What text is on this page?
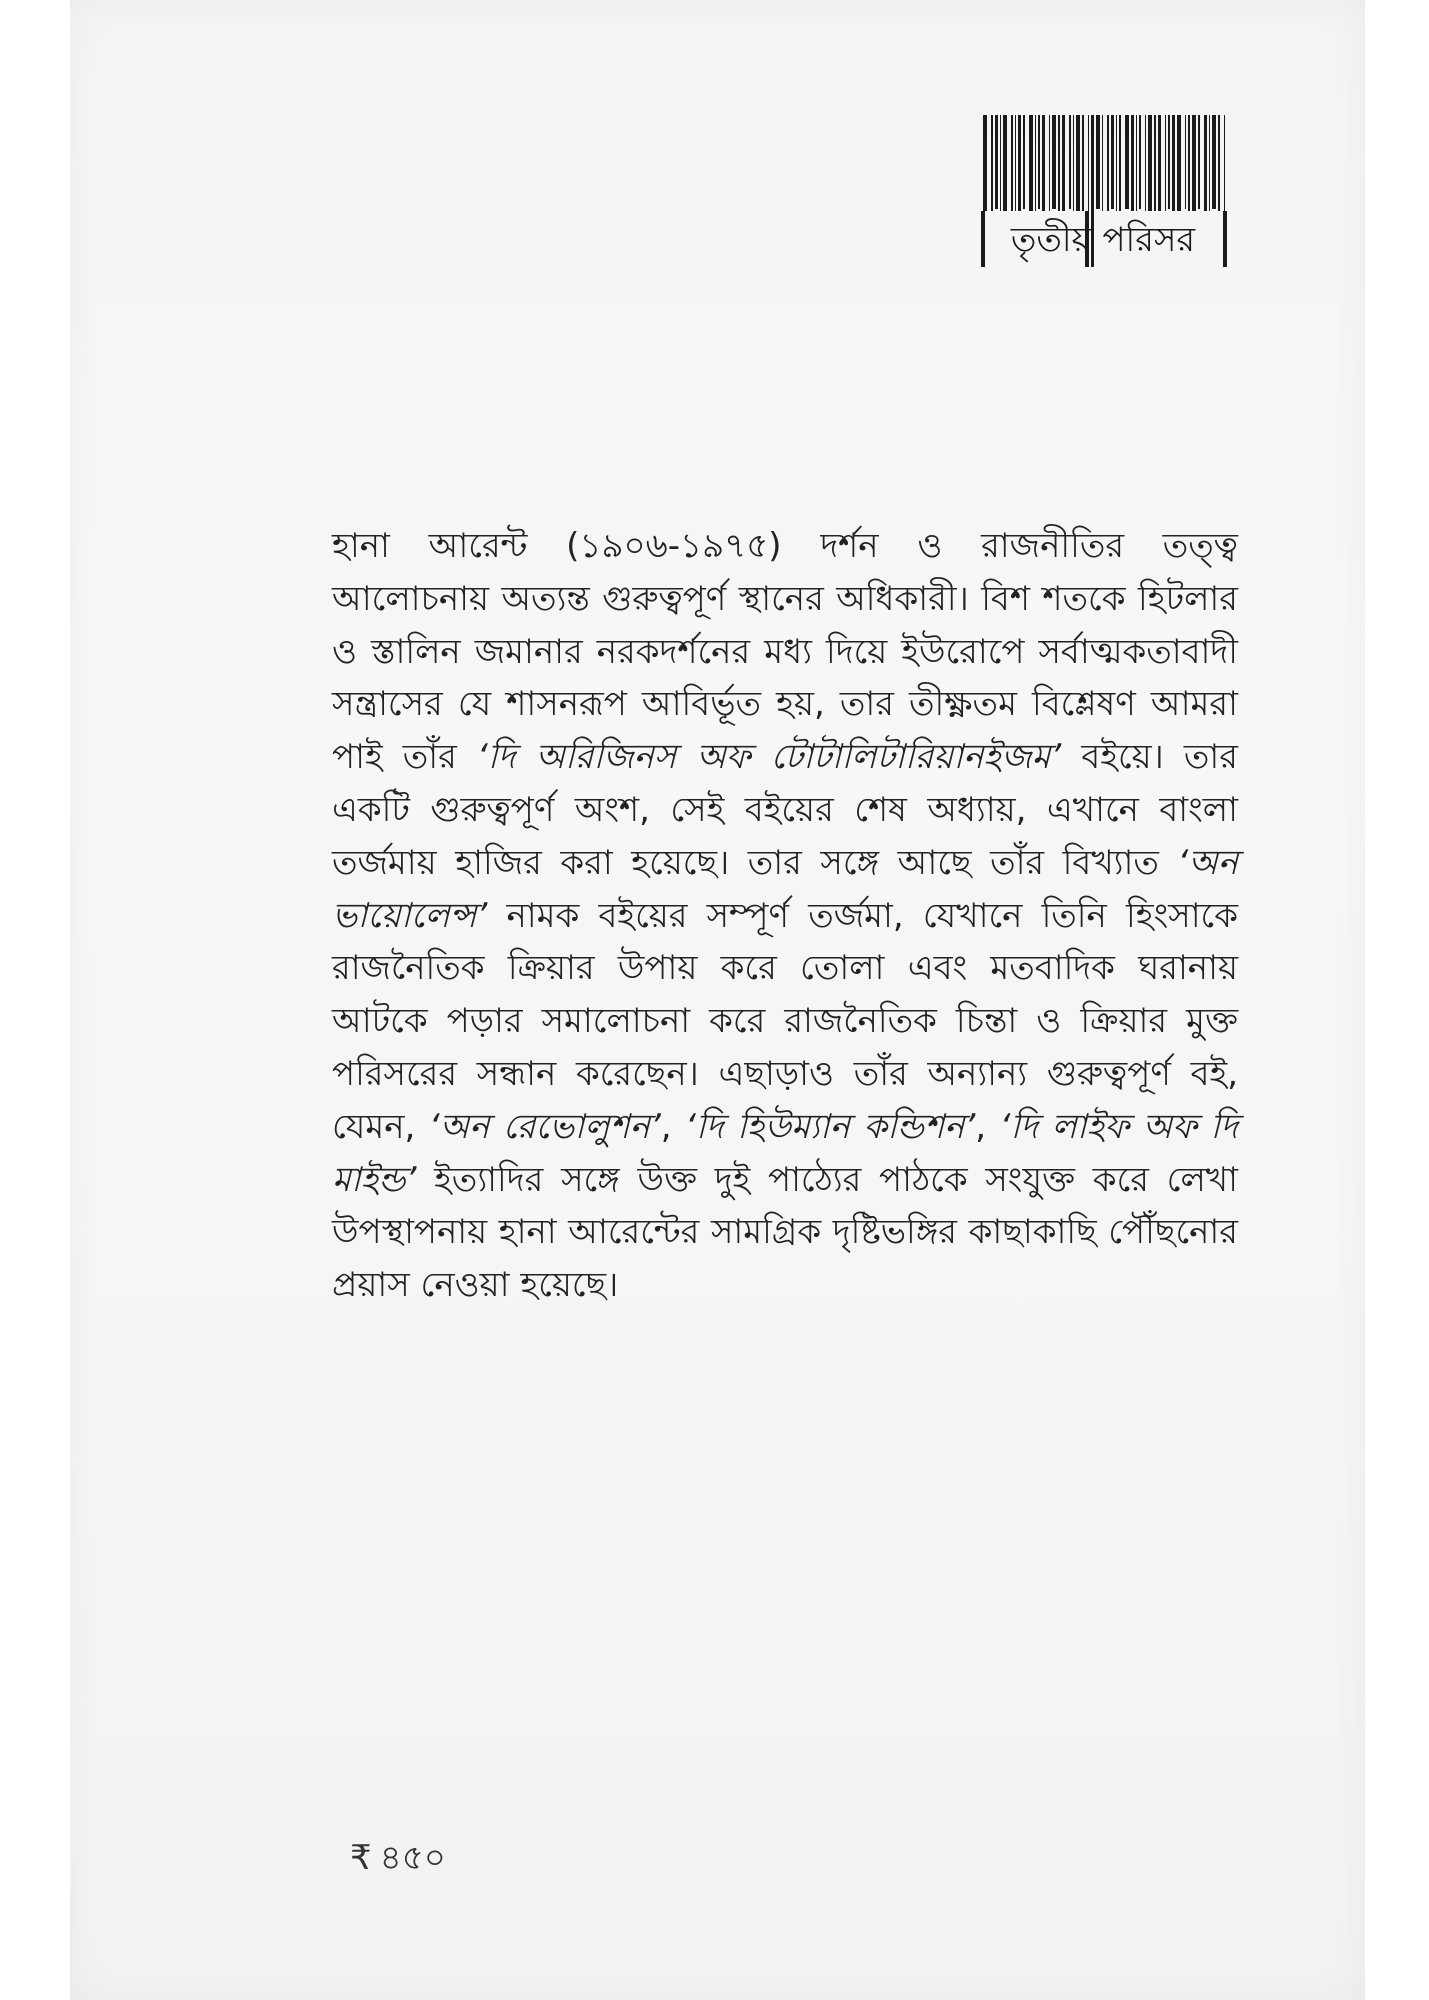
তৃতীয় পরিসর

হানা আরেন্ট (১৯০৬-১৯৭৫) দর্শন ও রাজনীতির তত্ত্ব আলোচনায় অত্যন্ত গুরুত্বপূর্ণ স্থানের অধিকারী। বিশ শতকে হিটলার ও স্তালিন জমানার নরকদর্শনের মধ্য দিয়ে ইউরোপে সর্বাত্মকতাবাদী সন্ত্রাসের যে শাসনরূপ আবির্ভূত হয়, তার তীক্ষ্ণতম বিশ্লেষণ আমরা পাই তাঁর ‘দি অরিজিনস অফ টোটালিটারিয়ানইজম’ বইয়ে। তার একটি গুরুত্বপূর্ণ অংশ, সেই বইয়ের শেষ অধ্যায়, এখানে বাংলা তর্জমায় হাজির করা হয়েছে। তার সঙ্গে আছে তাঁর বিখ্যাত ‘অন ভায়োলেন্স’ নামক বইয়ের সম্পূর্ণ তর্জমা, যেখানে তিনি হিংসাকে রাজনৈতিক ক্রিয়ার উপায় করে তোলা এবং মতবাদিক ঘরানায় আটকে পড়ার সমালোচনা করে রাজনৈতিক চিন্তা ও ক্রিয়ার মুক্ত পরিসরের সন্ধান করেছেন। এছাড়াও তাঁর অন্যান্য গুরুত্বপূর্ণ বই, যেমন, ‘অন রেভোলুশন’, ‘দি হিউম্যান কন্ডিশন’, ‘দি লাইফ অফ দি মাইন্ড’ ইত্যাদির সঙ্গে উক্ত দুই পাঠ্যের পাঠকে সংযুক্ত করে লেখা উপস্থাপনায় হানা আরেন্টের সামগ্রিক দৃষ্টিভঙ্গির কাছাকাছি পৌঁছনোর প্রয়াস নেওয়া হয়েছে।

₹ ৪৫০
